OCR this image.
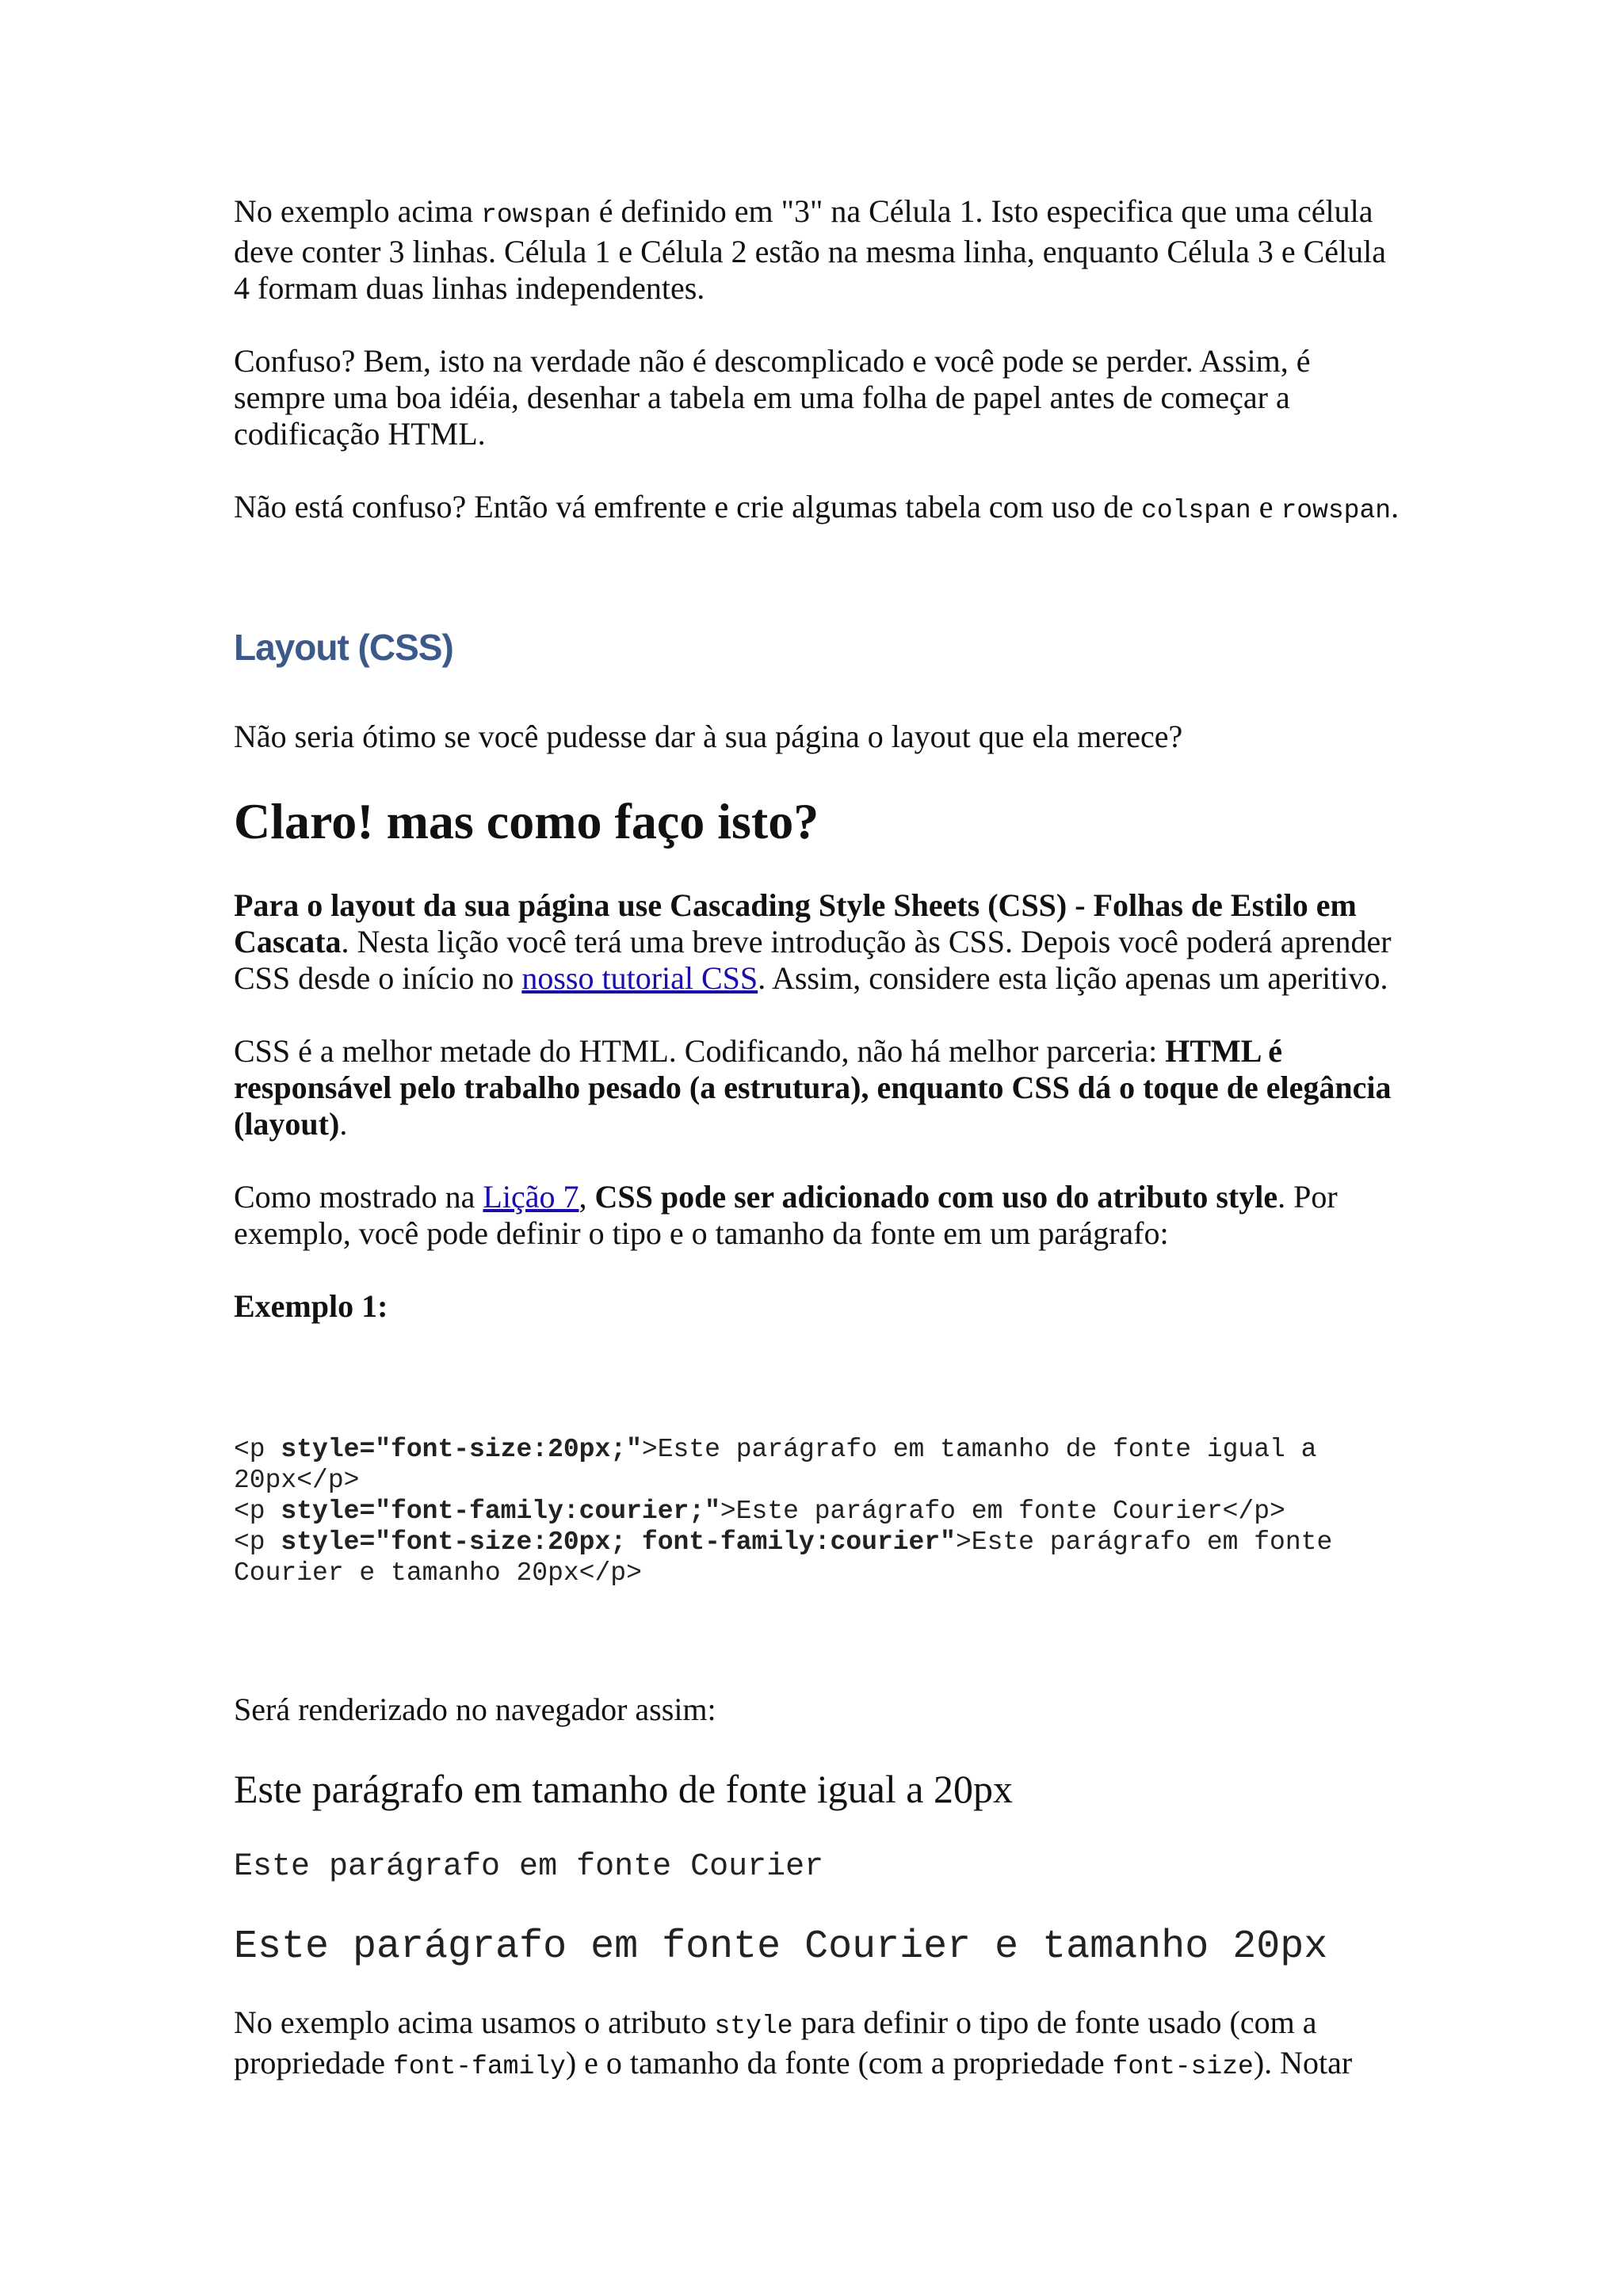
No exemplo acima rowspan é definido em "3" na Célula 1. Isto especifica que uma célula deve conter 3 linhas. Célula 1 e Célula 2 estão na mesma linha, enquanto Célula 3 e Célula 4 formam duas linhas independentes.

Confuso? Bem, isto na verdade não é descomplicado e você pode se perder. Assim, é sempre uma boa idéia, desenhar a tabela em uma folha de papel antes de começar a codificação HTML.

Não está confuso? Então vá emfrente e crie algumas tabela com uso de colspan e rowspan.

Layout (CSS)

Não seria ótimo se você pudesse dar à sua página o layout que ela merece?

Claro! mas como faço isto?

Para o layout da sua página use Cascading Style Sheets (CSS) - Folhas de Estilo em Cascata. Nesta lição você terá uma breve introdução às CSS. Depois você poderá aprender CSS desde o início no nosso tutorial CSS. Assim, considere esta lição apenas um aperitivo.

CSS é a melhor metade do HTML. Codificando, não há melhor parceria: HTML é responsável pelo trabalho pesado (a estrutura), enquanto CSS dá o toque de elegância (layout).

Como mostrado na Lição 7, CSS pode ser adicionado com uso do atributo style. Por exemplo, você pode definir o tipo e o tamanho da fonte em um parágrafo:

Exemplo 1:

<p style="font-size:20px;">Este parágrafo em tamanho de fonte igual a 20px</p>
<p style="font-family:courier;">Este parágrafo em fonte Courier</p>
<p style="font-size:20px; font-family:courier">Este parágrafo em fonte Courier e tamanho 20px</p>

Será renderizado no navegador assim:

Este parágrafo em tamanho de fonte igual a 20px
Este parágrafo em fonte Courier
Este parágrafo em fonte Courier e tamanho 20px

No exemplo acima usamos o atributo style para definir o tipo de fonte usado (com a propriedade font-family) e o tamanho da fonte (com a propriedade font-size). Notar
